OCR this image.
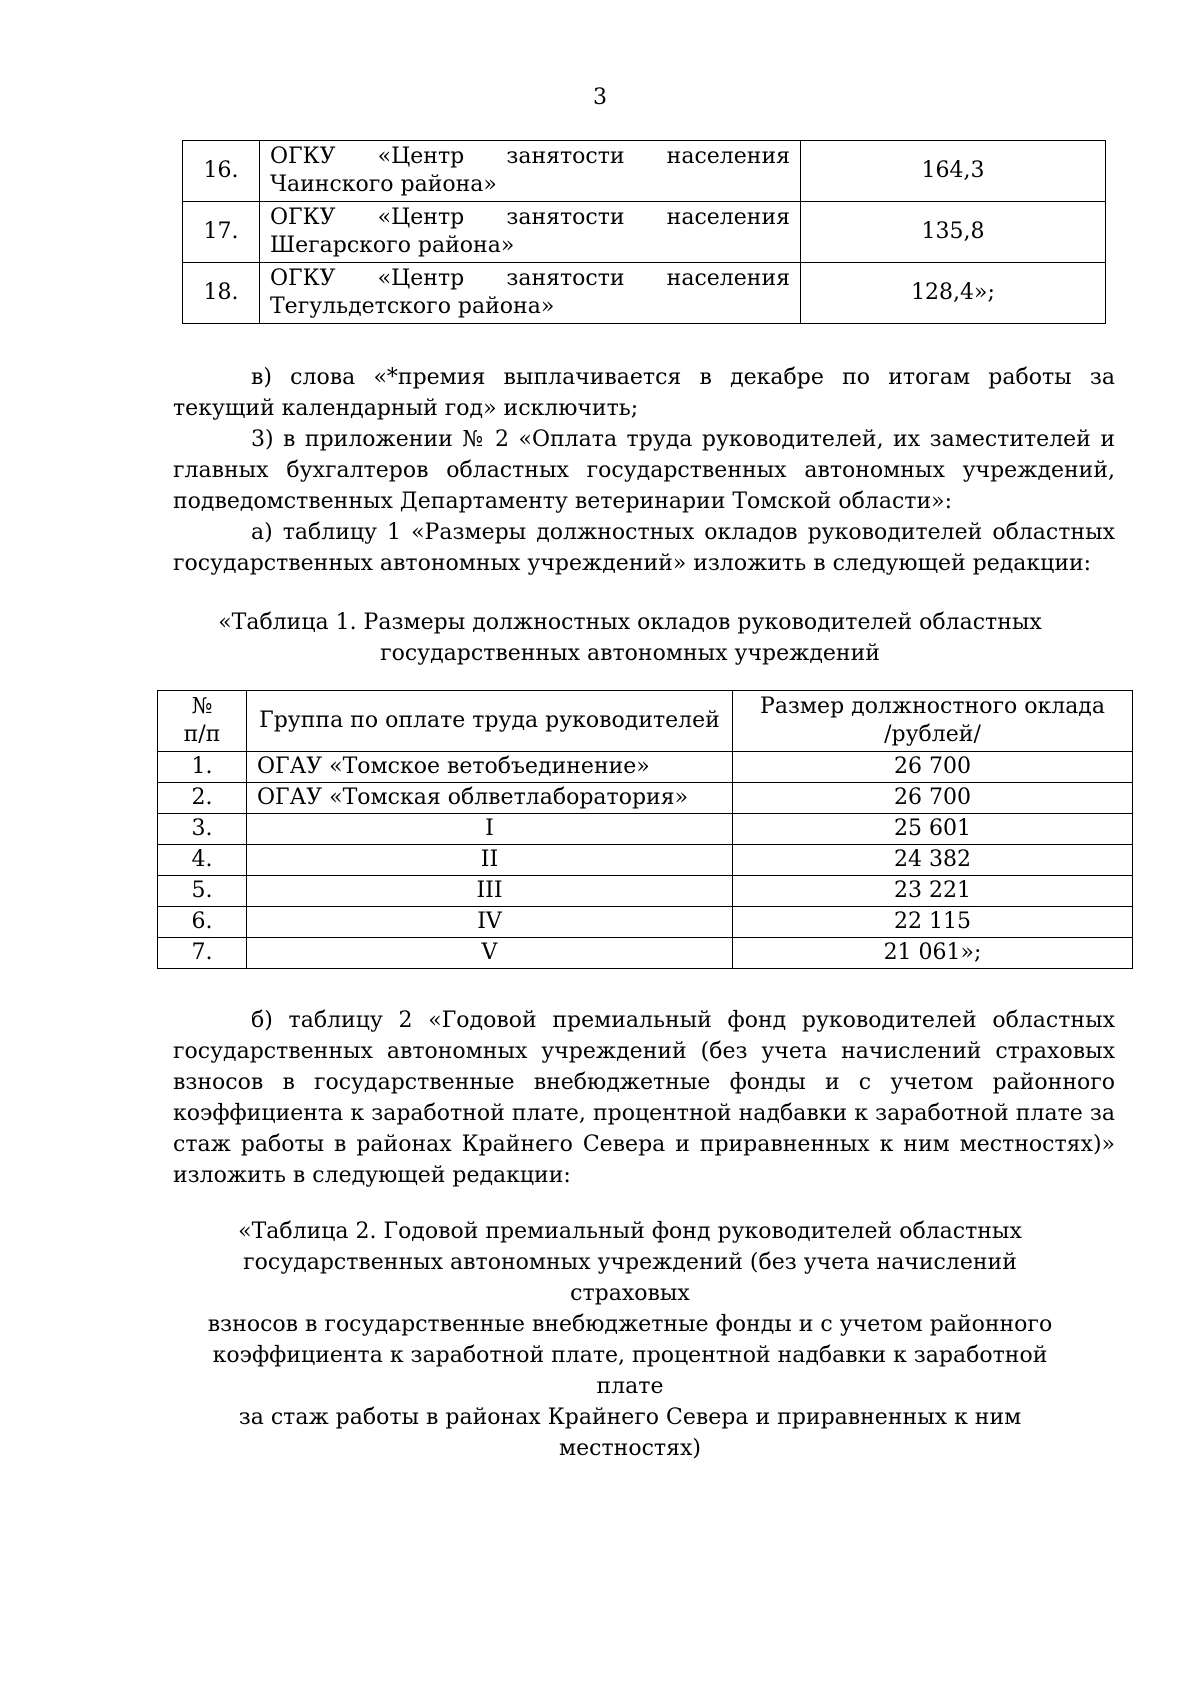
3
16.	ОГКУ «Центр занятости населения Чаинского района»	164,3
17.	ОГКУ «Центр занятости населения Шегарского района»	135,8
18.	ОГКУ «Центр занятости населения Тегульдетского района»	128,4»;

в) слова «*премия выплачивается в декабре по итогам работы за текущий календарный год» исключить;

3) в приложении № 2 «Оплата труда руководителей, их заместителей и главных бухгалтеров областных государственных автономных учреждений, подведомственных Департаменту ветеринарии Томской области»:

а) таблицу 1 «Размеры должностных окладов руководителей областных государственных автономных учреждений» изложить в следующей редакции:

«Таблица 1. Размеры должностных окладов руководителей областных
государственных автономных учреждений

№
п/п	Группа по оплате труда руководителей	Размер должностного оклада
/рублей/
1.	ОГАУ «Томское ветобъединение»	26 700
2.	ОГАУ «Томская облветлаборатория»	26 700
3.	I	25 601
4.	II	24 382
5.	III	23 221
6.	IV	22 115
7.	V	21 061»;

б) таблицу 2 «Годовой премиальный фонд руководителей областных государственных автономных учреждений (без учета начислений страховых взносов в государственные внебюджетные фонды и с учетом районного коэффициента к заработной плате, процентной надбавки к заработной плате за стаж работы в районах Крайнего Севера и приравненных к ним местностях)» изложить в следующей редакции:

«Таблица 2. Годовой премиальный фонд руководителей областных
государственных автономных учреждений (без учета начислений страховых
взносов в государственные внебюджетные фонды и с учетом районного
коэффициента к заработной плате, процентной надбавки к заработной плате
за стаж работы в районах Крайнего Севера и приравненных к ним местностях)
